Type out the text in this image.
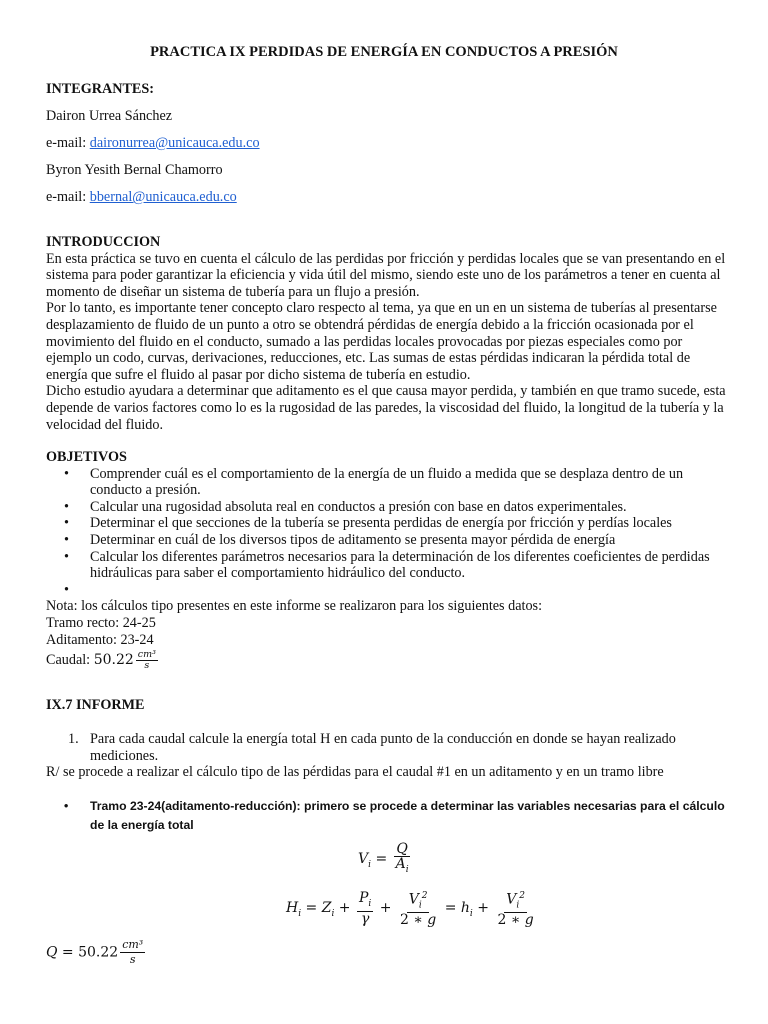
PRACTICA IX PERDIDAS DE ENERGÍA EN CONDUCTOS A PRESIÓN
INTEGRANTES:
Dairon Urrea Sánchez
e-mail: daironurrea@unicauca.edu.co
Byron Yesith Bernal Chamorro
e-mail: bbernal@unicauca.edu.co
INTRODUCCION
En esta práctica se tuvo en cuenta el cálculo de las perdidas por fricción y perdidas locales que se van presentando en el sistema para poder garantizar la eficiencia y vida útil del mismo, siendo este uno de los parámetros a tener en cuenta al momento de diseñar un sistema de tubería para un flujo a presión.
Por lo tanto, es importante tener concepto claro respecto al tema, ya que en un en un sistema de tuberías al presentarse desplazamiento de fluido de un punto a otro se obtendrá pérdidas de energía debido a la fricción ocasionada por el movimiento del fluido en el conducto, sumado a las perdidas locales provocadas por piezas especiales como por ejemplo un codo, curvas, derivaciones, reducciones, etc. Las sumas de estas pérdidas indicaran la pérdida total de energía que sufre el fluido al pasar por dicho sistema de tubería en estudio.
Dicho estudio ayudara a determinar que aditamento es el que causa mayor perdida, y también en que tramo sucede, esta depende de varios factores como lo es la rugosidad de las paredes, la viscosidad del fluido, la longitud de la tubería y la velocidad del fluido.
OBJETIVOS
• Comprender cuál es el comportamiento de la energía de un fluido a medida que se desplaza dentro de un conducto a presión.
• Calcular una rugosidad absoluta real en conductos a presión con base en datos experimentales.
• Determinar el que secciones de la tubería se presenta perdidas de energía por fricción y perdías locales
• Determinar en cuál de los diversos tipos de aditamento se presenta mayor pérdida de energía
• Calcular los diferentes parámetros necesarios para la determinación de los diferentes coeficientes de perdidas hidráulicas para saber el comportamiento hidráulico del conducto.
•
Nota: los cálculos tipo presentes en este informe se realizaron para los siguientes datos:
Tramo recto: 24-25
Aditamento: 23-24
Caudal: $50.22 \frac{\text{cm³}}{s}$
IX.7 INFORME
1. Para cada caudal calcule la energía total H en cada punto de la conducción en donde se hayan realizado mediciones.
R/ se procede a realizar el cálculo tipo de las pérdidas para el caudal #1 en un aditamento y en un tramo libre
• Tramo 23-24(aditamento-reducción): primero se procede a determinar las variables necesarias para el cálculo de la energía total
$V_i = \frac{Q}{A_i}$
$H_i = Z_i + \frac{P_i}{\gamma} + \frac{V_i^2}{2 ∗ g} = h_i + \frac{V_i^2}{2 ∗ g}$
$Q = 50.22 \frac{\text{cm³}}{s}$
